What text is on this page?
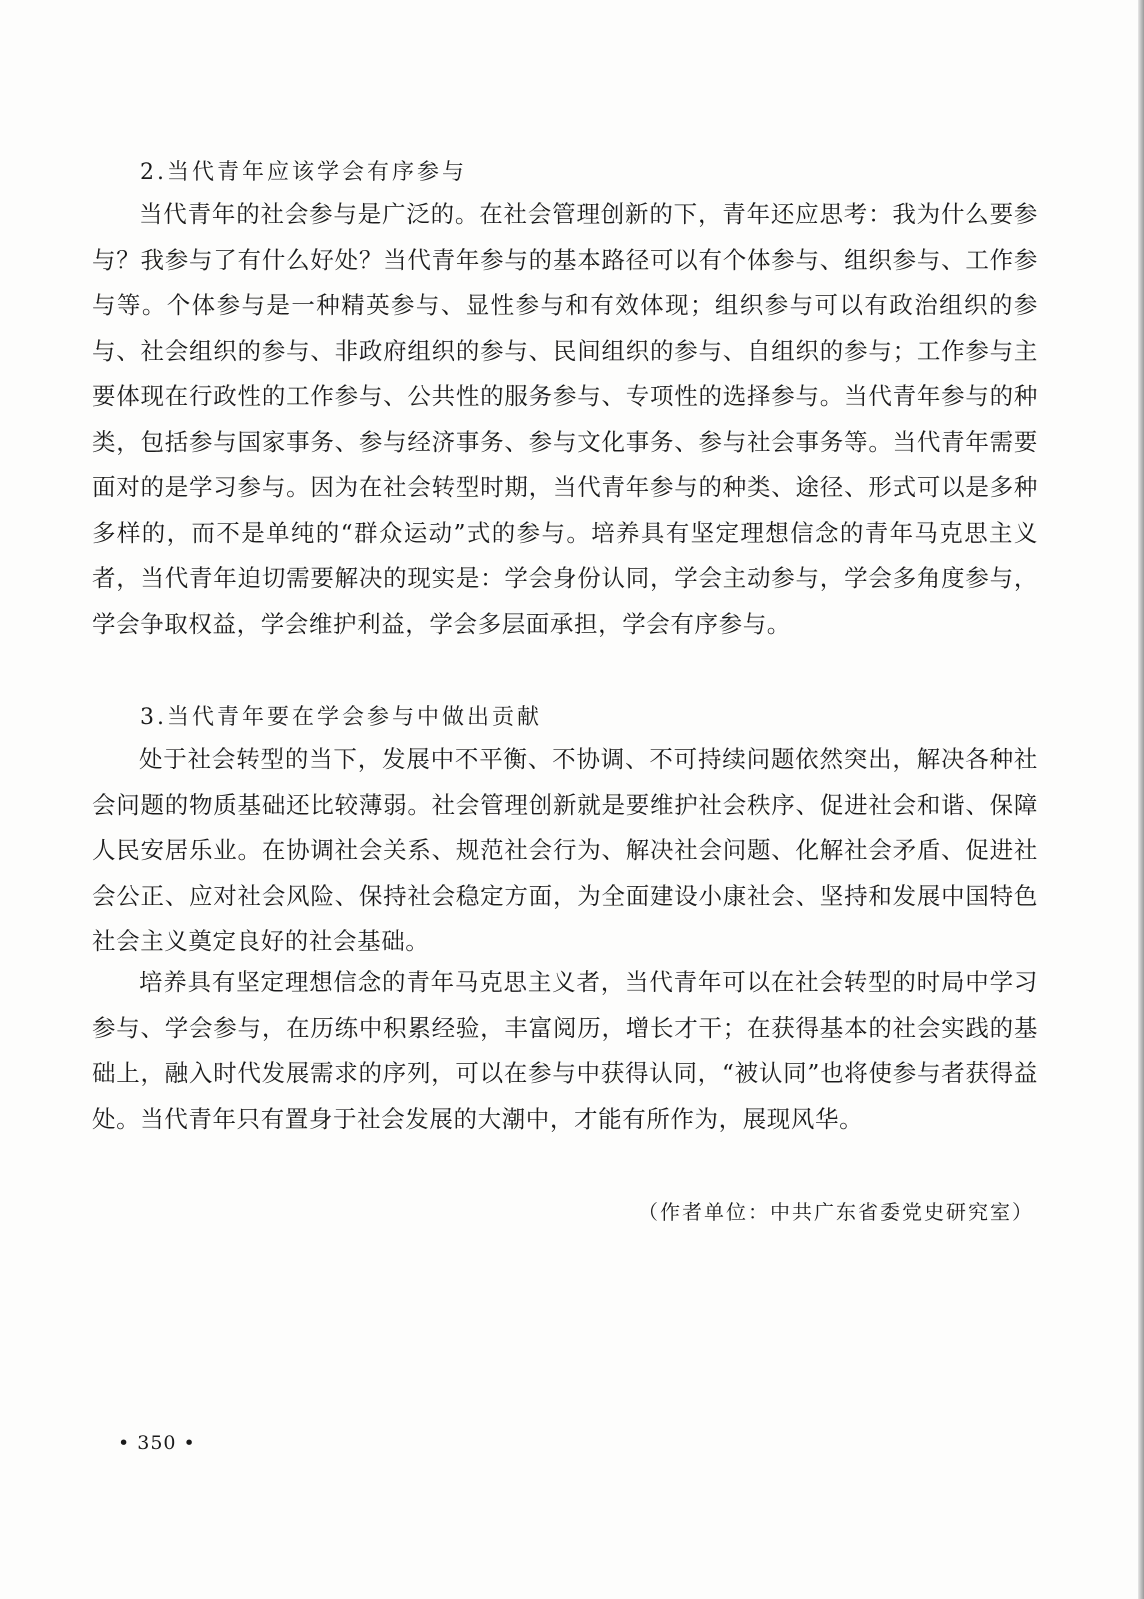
2.当代青年应该学会有序参与

当代青年的社会参与是广泛的。在社会管理创新的下，青年还应思考：我为什么要参与？我参与了有什么好处？当代青年参与的基本路径可以有个体参与、组织参与、工作参与等。个体参与是一种精英参与、显性参与和有效体现；组织参与可以有政治组织的参与、社会组织的参与、非政府组织的参与、民间组织的参与、自组织的参与；工作参与主要体现在行政性的工作参与、公共性的服务参与、专项性的选择参与。当代青年参与的种类，包括参与国家事务、参与经济事务、参与文化事务、参与社会事务等。当代青年需要面对的是学习参与。因为在社会转型时期，当代青年参与的种类、途径、形式可以是多种多样的，而不是单纯的“群众运动”式的参与。培养具有坚定理想信念的青年马克思主义者，当代青年迫切需要解决的现实是：学会身份认同，学会主动参与，学会多角度参与，学会争取权益，学会维护利益，学会多层面承担，学会有序参与。

3.当代青年要在学会参与中做出贡献

处于社会转型的当下，发展中不平衡、不协调、不可持续问题依然突出，解决各种社会问题的物质基础还比较薄弱。社会管理创新就是要维护社会秩序、促进社会和谐、保障人民安居乐业。在协调社会关系、规范社会行为、解决社会问题、化解社会矛盾、促进社会公正、应对社会风险、保持社会稳定方面，为全面建设小康社会、坚持和发展中国特色社会主义奠定良好的社会基础。

培养具有坚定理想信念的青年马克思主义者，当代青年可以在社会转型的时局中学习参与、学会参与，在历练中积累经验，丰富阅历，增长才干；在获得基本的社会实践的基础上，融入时代发展需求的序列，可以在参与中获得认同，“被认同”也将使参与者获得益处。当代青年只有置身于社会发展的大潮中，才能有所作为，展现风华。

（作者单位：中共广东省委党史研究室）
• 350 •
